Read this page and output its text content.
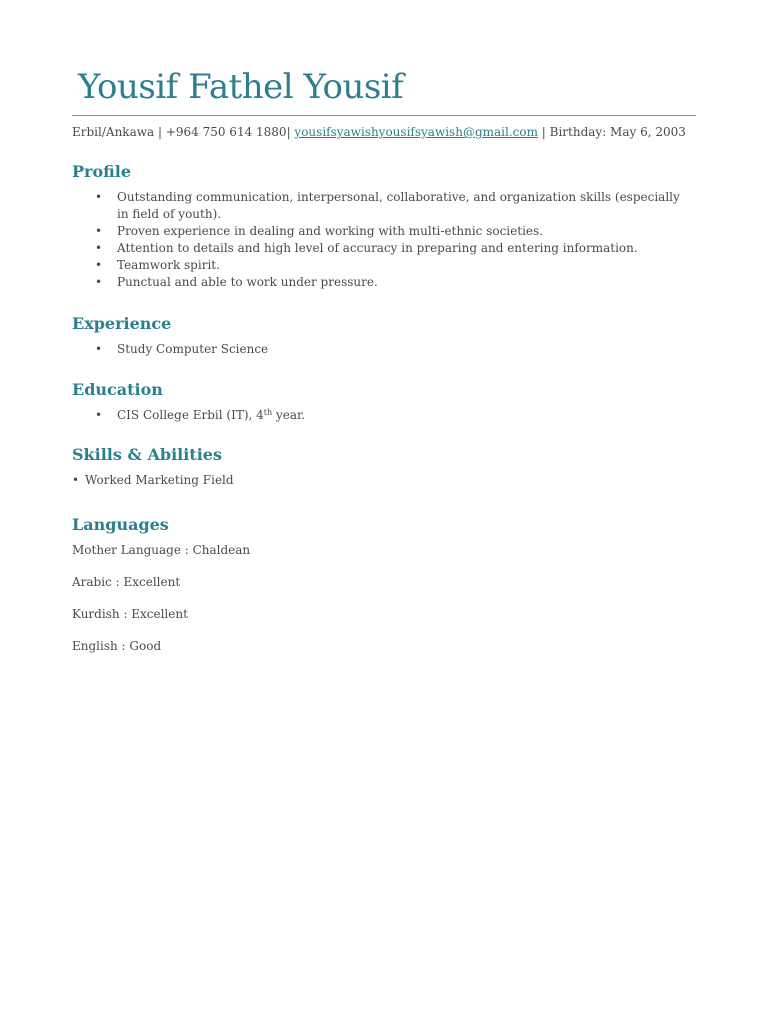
Yousif Fathel Yousif
Erbil/Ankawa | +964 750 614 1880| yousifsyawishyousifsyawish@gmail.com | Birthday: May 6, 2003
Profile
• Outstanding communication, interpersonal, collaborative, and organization skills (especially in field of youth).
• Proven experience in dealing and working with multi-ethnic societies.
• Attention to details and high level of accuracy in preparing and entering information.
• Teamwork spirit.
• Punctual and able to work under pressure.
Experience
• Study Computer Science
Education
• CIS College Erbil (IT), 4th year.
Skills & Abilities
• Worked Marketing Field
Languages

Mother Language : Chaldean

Arabic : Excellent

Kurdish : Excellent

English : Good
